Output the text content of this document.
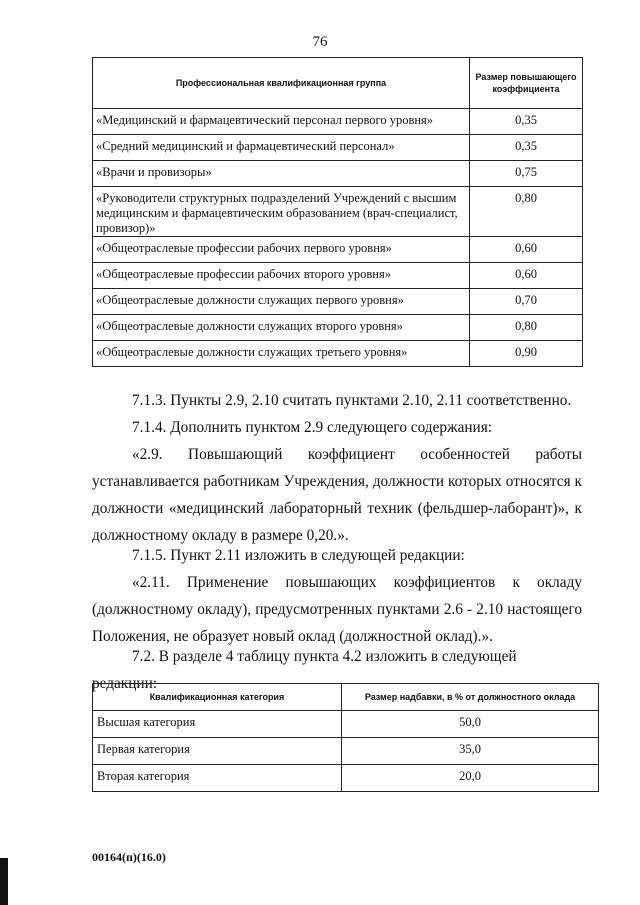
76
Профессиональная квалификационная группа	Размер повышающего коэффициента
«Медицинский и фармацевтический персонал первого уровня»	0,35
«Средний медицинский и фармацевтический персонал»	0,35
«Врачи и провизоры»	0,75
«Руководители структурных подразделений Учреждений с высшим медицинским и фармацевтическим образованием (врач-специалист, провизор)»	0,80
«Общеотраслевые профессии рабочих первого уровня»	0,60
«Общеотраслевые профессии рабочих второго уровня»	0,60
«Общеотраслевые должности служащих первого уровня»	0,70
«Общеотраслевые должности служащих второго уровня»	0,80
«Общеотраслевые должности служащих третьего уровня»	0,90

7.1.3. Пункты 2.9, 2.10 считать пунктами 2.10, 2.11 соответственно.

7.1.4. Дополнить пунктом 2.9 следующего содержания:

«2.9. Повышающий коэффициент особенностей работы устанавливается работникам Учреждения, должности которых относятся к должности «медицинский лабораторный техник (фельдшер-лаборант)», к должностному окладу в размере 0,20.».

7.1.5. Пункт 2.11 изложить в следующей редакции:

«2.11. Применение повышающих коэффициентов к окладу (должностному окладу), предусмотренных пунктами 2.6 - 2.10 настоящего Положения, не образует новый оклад (должностной оклад).».

7.2. В разделе 4 таблицу пункта 4.2 изложить в следующей редакции:

Квалификационная категория	Размер надбавки, в % от должностного оклада
Высшая категория	50,0
Первая категория	35,0
Вторая категория	20,0
00164(п)(16.0)
